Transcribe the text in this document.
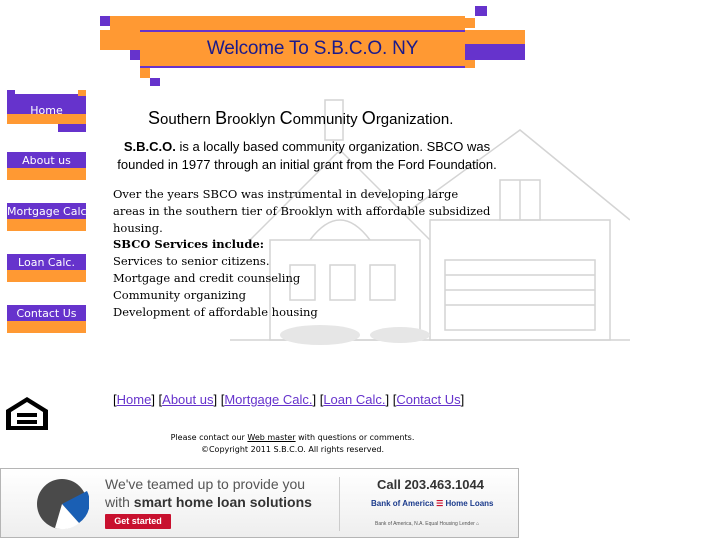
Welcome To S.B.C.O. NY
Home
About us
Mortgage Calc.
Loan Calc.
Contact Us
Southern Brooklyn Community Organization.
S.B.C.O. is a locally based community organization. SBCO was founded in 1977 through an initial grant from the Ford Foundation.
Over the years SBCO was instrumental in developing large areas in the southern tier of Brooklyn with affordable subsidized housing.
SBCO Services include:
Services to senior citizens.
Mortgage and credit counseling
Community organizing
Development of affordable housing
[Home] [About us] [Mortgage Calc.] [Loan Calc.] [Contact Us]
Please contact our Web master with questions or comments.
©Copyright 2011 S.B.C.O. All rights reserved.
We've teamed up to provide you
with smart home loan solutions
Get started
Call 203.463.1044
Bank of America ☰ Home Loans
Bank of America, N.A. Equal Housing Lender ⌂
